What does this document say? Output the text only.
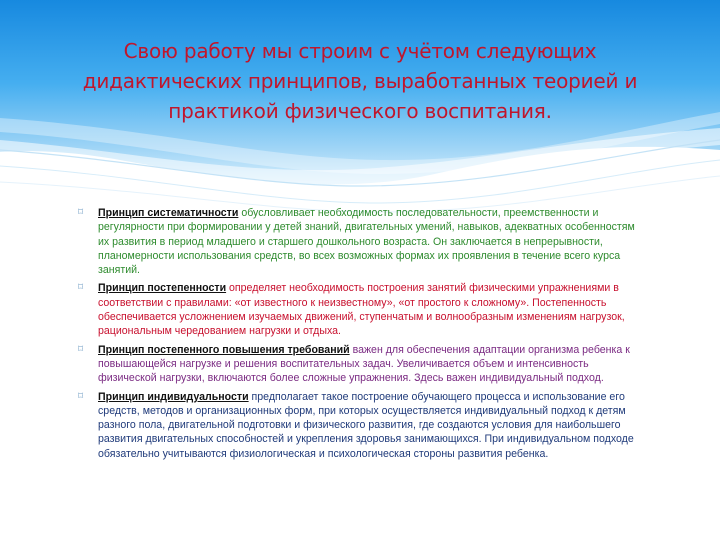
Свою работу мы строим с учётом следующих дидактических принципов, выработанных теорией и практикой физического воспитания.
⌑ Принцип систематичности обусловливает необходимость последовательности, преемственности и регулярности при формировании у детей знаний, двигательных умений, навыков, адекватных особенностям их развития в период младшего и старшего дошкольного возраста. Он заключается в непрерывности, планомерности использования средств, во всех возможных формах их проявления в течение всего курса занятий.
⌑ Принцип постепенности определяет необходимость построения занятий физическими упражнениями в соответствии с правилами: «от известного к неизвестному», «от простого к сложному». Постепенность обеспечивается усложнением изучаемых движений, ступенчатым и волнообразным изменениям нагрузок, рациональным чередованием нагрузки и отдыха.
⌑ Принцип постепенного повышения требований важен для обеспечения адаптации организма ребенка к повышающейся нагрузке и решения воспитательных задач. Увеличивается объем и интенсивность физической нагрузки, включаются более сложные упражнения. Здесь важен индивидуальный подход.
⌑ Принцип индивидуальности предполагает такое построение обучающего процесса и использование его средств, методов и организационных форм, при которых осуществляется индивидуальный подход к детям разного пола, двигательной подготовки и физического развития, где создаются условия для наибольшего развития двигательных способностей и укрепления здоровья занимающихся. При индивидуальном подходе обязательно учитываются физиологическая и психологическая стороны развития ребенка.
